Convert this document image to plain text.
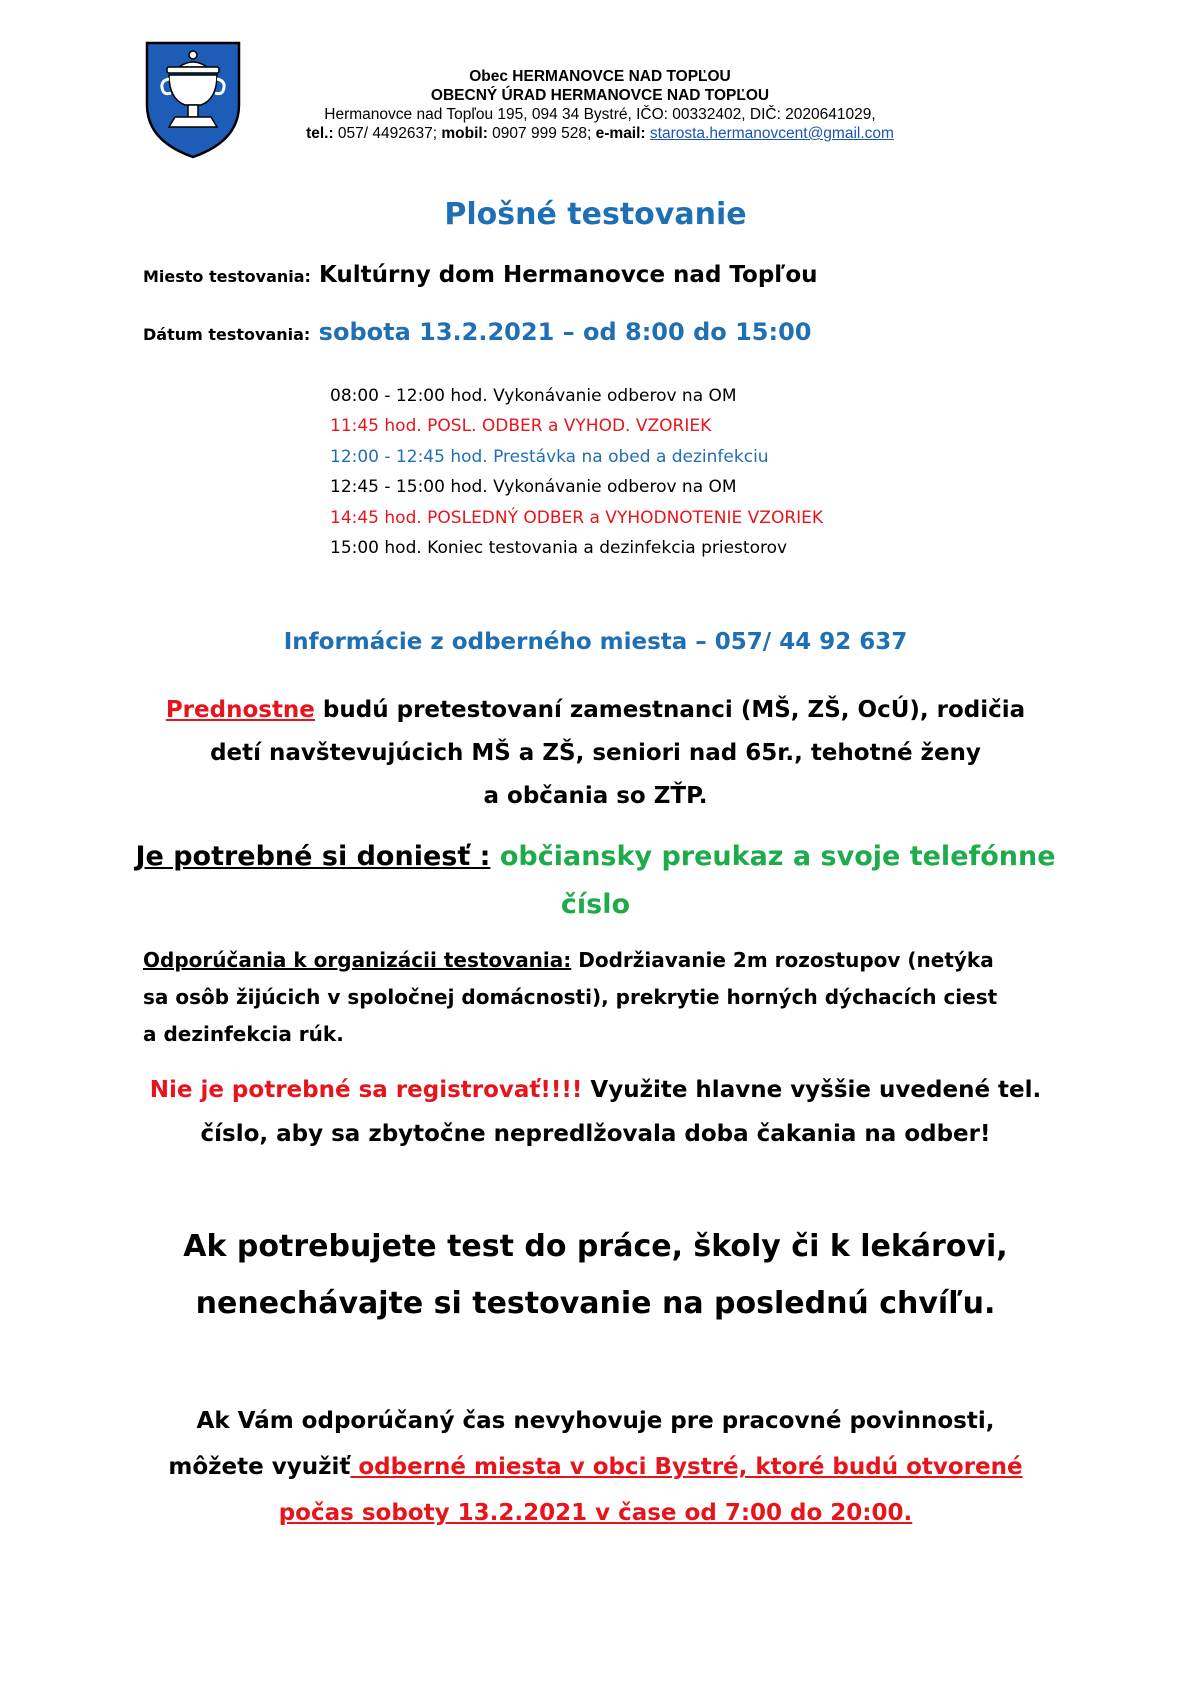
Obec HERMANOVCE NAD TOPĽOU
OBECNÝ ÚRAD HERMANOVCE NAD TOPĽOU
Hermanovce nad Topľou 195, 094 34 Bystré, IČO: 00332402, DIČ: 2020641029,
tel.: 057/ 4492637; mobil: 0907 999 528; e-mail: starosta.hermanovcent@gmail.com
Plošné testovanie
Miesto testovania: Kultúrny dom Hermanovce nad Topľou
Dátum testovania: sobota 13.2.2021 – od 8:00 do 15:00
08:00 - 12:00 hod. Vykonávanie odberov na OM
11:45 hod. POSL. ODBER a VYHOD. VZORIEK
12:00 - 12:45 hod. Prestávka na obed a dezinfekciu
12:45 - 15:00 hod. Vykonávanie odberov na OM
14:45 hod. POSLEDNÝ ODBER a VYHODNOTENIE VZORIEK
15:00 hod. Koniec testovania a dezinfekcia priestorov
Informácie z odberného miesta – 057/ 44 92 637
Prednostne budú pretestovaní zamestnanci (MŠ, ZŠ, OcÚ), rodičia
detí navštevujúcich MŠ a ZŠ, seniori nad 65r., tehotné ženy
a občania so ZŤP.
Je potrebné si doniesť : občiansky preukaz a svoje telefónne
číslo
Odporúčania k organizácii testovania: Dodržiavanie 2m rozostupov (netýka
sa osôb žijúcich v spoločnej domácnosti), prekrytie horných dýchacích ciest
a dezinfekcia rúk.
Nie je potrebné sa registrovať!!!! Využite hlavne vyššie uvedené tel.
číslo, aby sa zbytočne nepredlžovala doba čakania na odber!
Ak potrebujete test do práce, školy či k lekárovi,
nenechávajte si testovanie na poslednú chvíľu.
Ak Vám odporúčaný čas nevyhovuje pre pracovné povinnosti,
môžete využiť odberné miesta v obci Bystré, ktoré budú otvorené
počas soboty 13.2.2021 v čase od 7:00 do 20:00.
